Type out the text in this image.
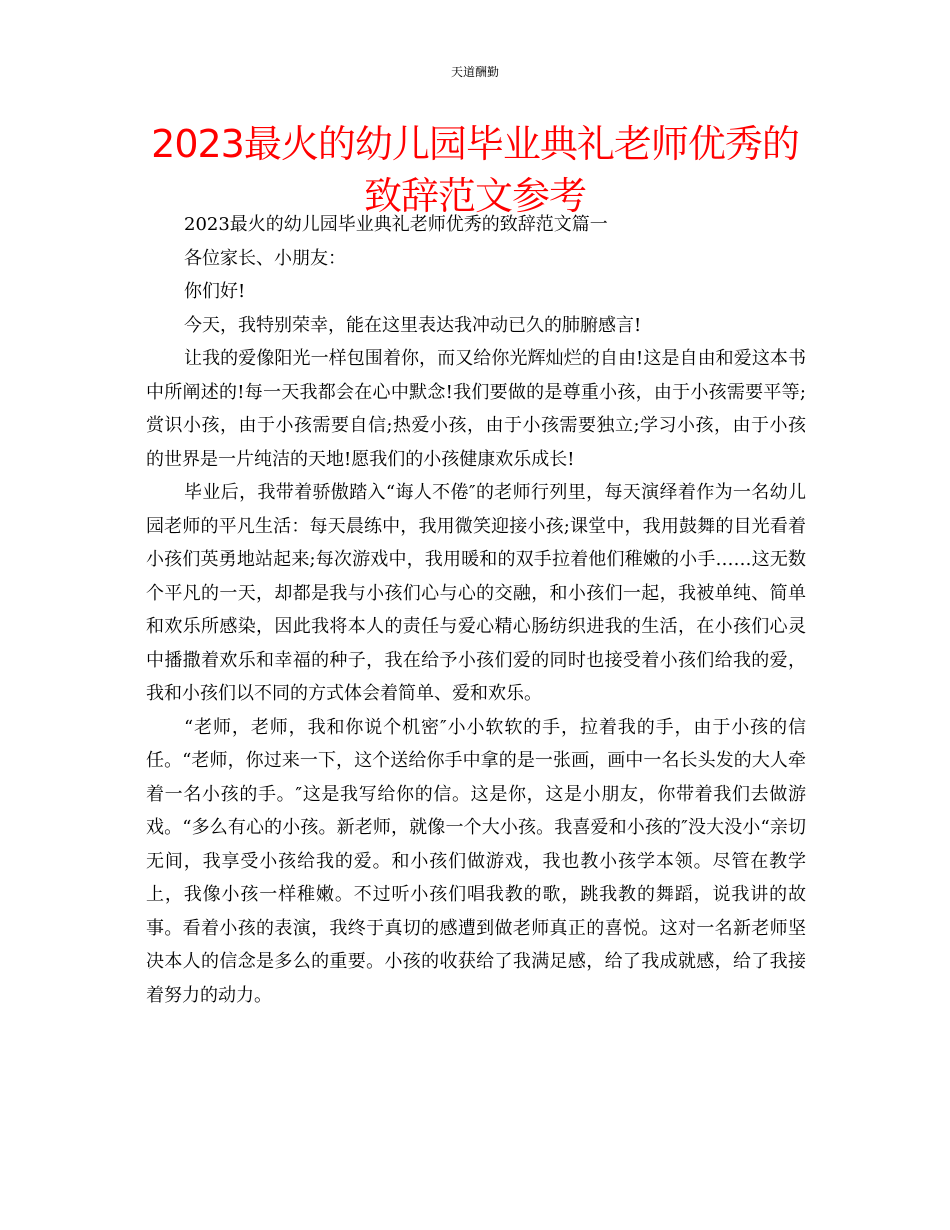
天道酬勤
2023最火的幼儿园毕业典礼老师优秀的
致辞范文参考

2023最火的幼儿园毕业典礼老师优秀的致辞范文篇一

各位家长、小朋友：

你们好!

今天，我特别荣幸，能在这里表达我冲动已久的肺腑感言!

让我的爱像阳光一样包围着你，而又给你光辉灿烂的自由!这是自由和爱这本书中所阐述的!每一天我都会在心中默念!我们要做的是尊重小孩，由于小孩需要平等;赏识小孩，由于小孩需要自信;热爱小孩，由于小孩需要独立;学习小孩，由于小孩的世界是一片纯洁的天地!愿我们的小孩健康欢乐成长!

毕业后，我带着骄傲踏入“诲人不倦″的老师行列里，每天演绎着作为一名幼儿园老师的平凡生活：每天晨练中，我用微笑迎接小孩;课堂中，我用鼓舞的目光看着小孩们英勇地站起来;每次游戏中，我用暖和的双手拉着他们稚嫩的小手……这无数个平凡的一天，却都是我与小孩们心与心的交融，和小孩们一起，我被单纯、简单和欢乐所感染，因此我将本人的责任与爱心精心肠纺织进我的生活，在小孩们心灵中播撒着欢乐和幸福的种子，我在给予小孩们爱的同时也接受着小孩们给我的爱，我和小孩们以不同的方式体会着简单、爱和欢乐。

“老师，老师，我和你说个机密″小小软软的手，拉着我的手，由于小孩的信任。“老师，你过来一下，这个送给你手中拿的是一张画，画中一名长头发的大人牵着一名小孩的手。″这是我写给你的信。这是你，这是小朋友，你带着我们去做游戏。“多么有心的小孩。新老师，就像一个大小孩。我喜爱和小孩的″没大没小“亲切无间，我享受小孩给我的爱。和小孩们做游戏，我也教小孩学本领。尽管在教学上，我像小孩一样稚嫩。不过听小孩们唱我教的歌，跳我教的舞蹈，说我讲的故事。看着小孩的表演，我终于真切的感遭到做老师真正的喜悦。这对一名新老师坚决本人的信念是多么的重要。小孩的收获给了我满足感，给了我成就感，给了我接着努力的动力。
